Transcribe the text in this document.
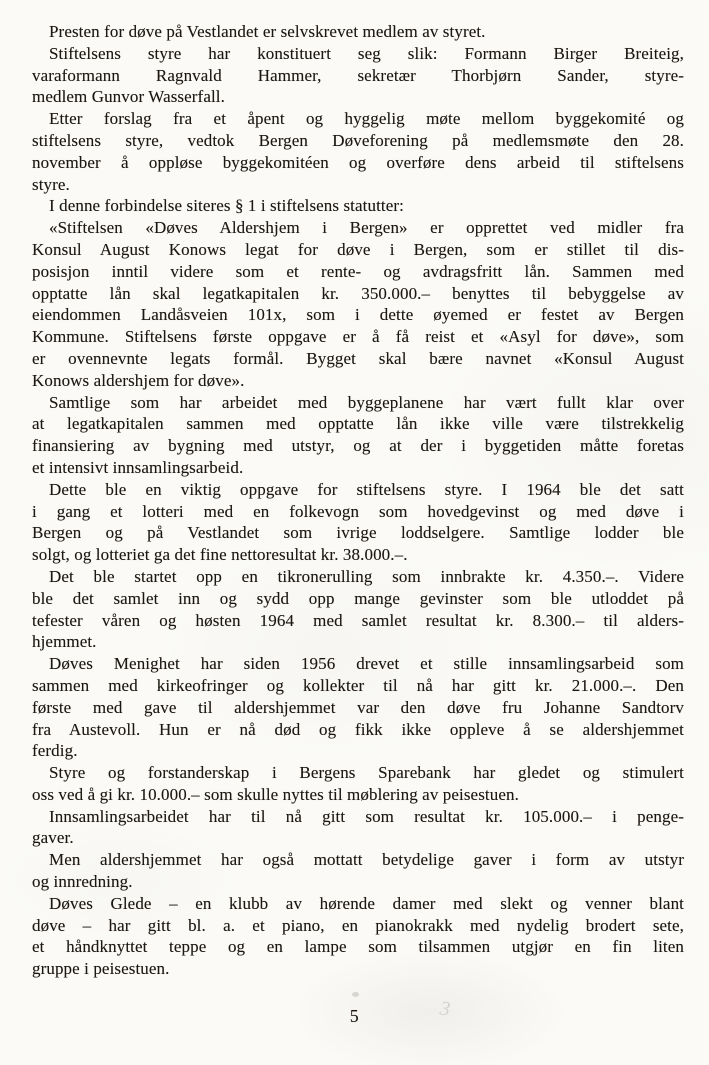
Presten for døve på Vestlandet er selvskrevet medlem av styret.
Stiftelsens styre har konstituert seg slik: Formann Birger Breiteig,
varaformann Ragnvald Hammer, sekretær Thorbjørn Sander, styre-
medlem Gunvor Wasserfall.
Etter forslag fra et åpent og hyggelig møte mellom byggekomité og
stiftelsens styre, vedtok Bergen Døveforening på medlemsmøte den 28.
november å oppløse byggekomitéen og overføre dens arbeid til stiftelsens
styre.
I denne forbindelse siteres § 1 i stiftelsens statutter:
«Stiftelsen «Døves Aldershjem i Bergen» er opprettet ved midler fra
Konsul August Konows legat for døve i Bergen, som er stillet til dis-
posisjon inntil videre som et rente- og avdragsfritt lån. Sammen med
opptatte lån skal legatkapitalen kr. 350.000.– benyttes til bebyggelse av
eiendommen Landåsveien 101x, som i dette øyemed er festet av Bergen
Kommune. Stiftelsens første oppgave er å få reist et «Asyl for døve», som
er ovennevnte legats formål. Bygget skal bære navnet «Konsul August
Konows aldershjem for døve».
Samtlige som har arbeidet med byggeplanene har vært fullt klar over
at legatkapitalen sammen med opptatte lån ikke ville være tilstrekkelig
finansiering av bygning med utstyr, og at der i byggetiden måtte foretas
et intensivt innsamlingsarbeid.
Dette ble en viktig oppgave for stiftelsens styre. I 1964 ble det satt
i gang et lotteri med en folkevogn som hovedgevinst og med døve i
Bergen og på Vestlandet som ivrige loddselgere. Samtlige lodder ble
solgt, og lotteriet ga det fine nettoresultat kr. 38.000.–.
Det ble startet opp en tikronerulling som innbrakte kr. 4.350.–. Videre
ble det samlet inn og sydd opp mange gevinster som ble utloddet på
tefester våren og høsten 1964 med samlet resultat kr. 8.300.– til alders-
hjemmet.
Døves Menighet har siden 1956 drevet et stille innsamlingsarbeid som
sammen med kirkeofringer og kollekter til nå har gitt kr. 21.000.–. Den
første med gave til aldershjemmet var den døve fru Johanne Sandtorv
fra Austevoll. Hun er nå død og fikk ikke oppleve å se aldershjemmet
ferdig.
Styre og forstanderskap i Bergens Sparebank har gledet og stimulert
oss ved å gi kr. 10.000.– som skulle nyttes til møblering av peisestuen.
Innsamlingsarbeidet har til nå gitt som resultat kr. 105.000.– i penge-
gaver.
Men aldershjemmet har også mottatt betydelige gaver i form av utstyr
og innredning.
Døves Glede – en klubb av hørende damer med slekt og venner blant
døve – har gitt bl. a. et piano, en pianokrakk med nydelig brodert sete,
et håndknyttet teppe og en lampe som tilsammen utgjør en fin liten
gruppe i peisestuen.
5	3
